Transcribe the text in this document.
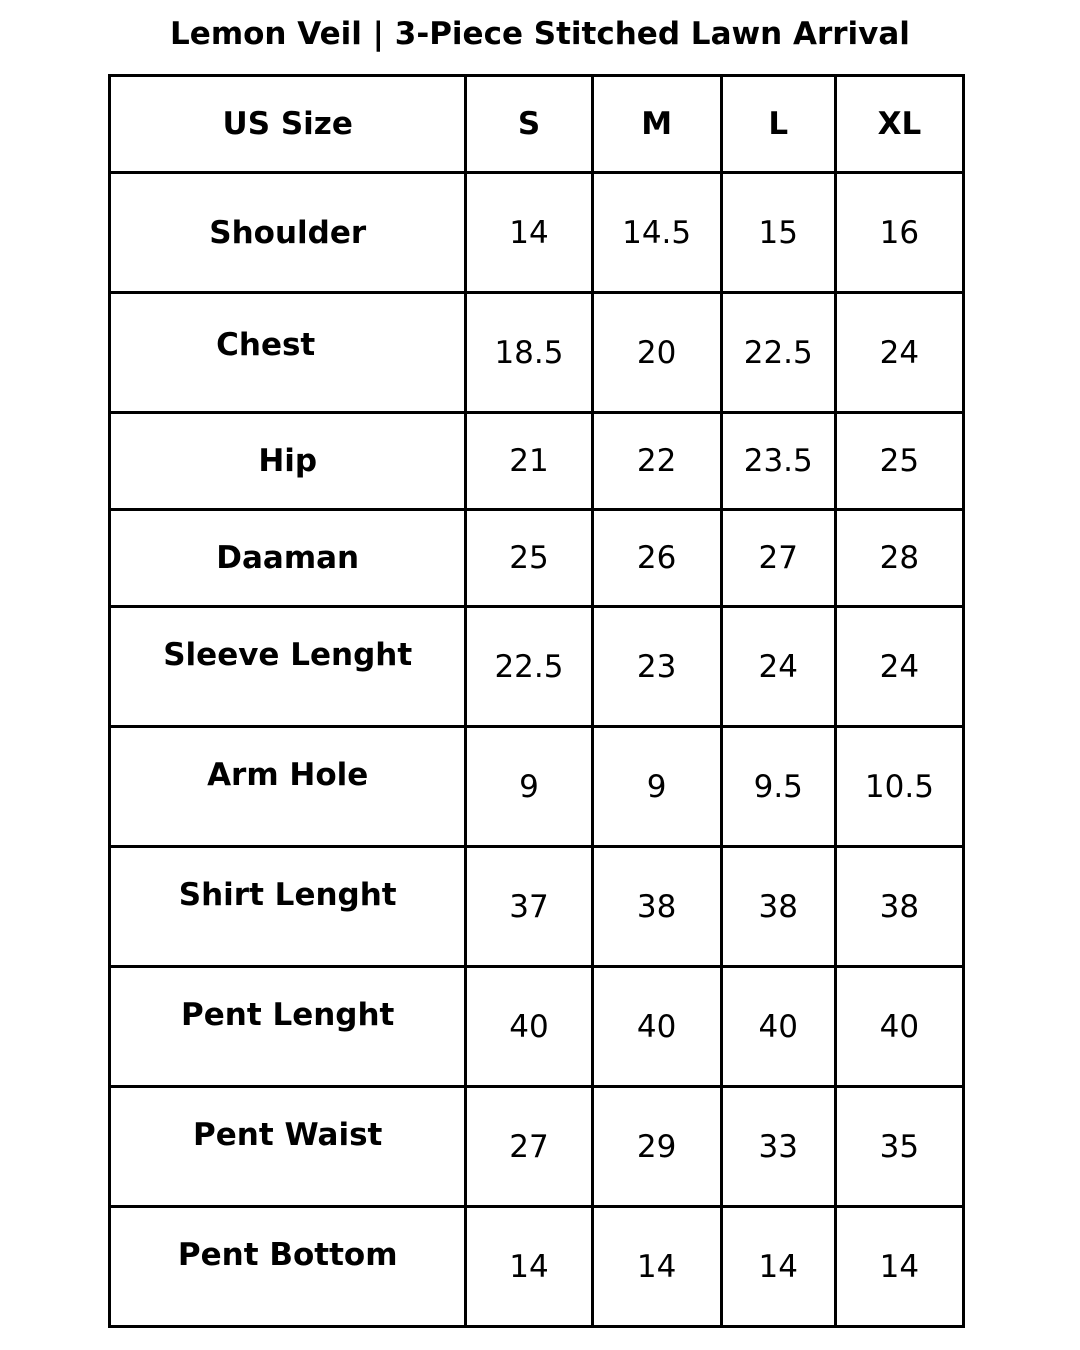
Lemon Veil | 3-Piece Stitched Lawn Arrival
US Size	S	M	L	XL
Shoulder	14	14.5	15	16
Chest	18.5	20	22.5	24
Hip	21	22	23.5	25
Daaman	25	26	27	28
Sleeve Lenght	22.5	23	24	24
Arm Hole	9	9	9.5	10.5
Shirt Lenght	37	38	38	38
Pent Lenght	40	40	40	40
Pent Waist	27	29	33	35
Pent Bottom	14	14	14	14
